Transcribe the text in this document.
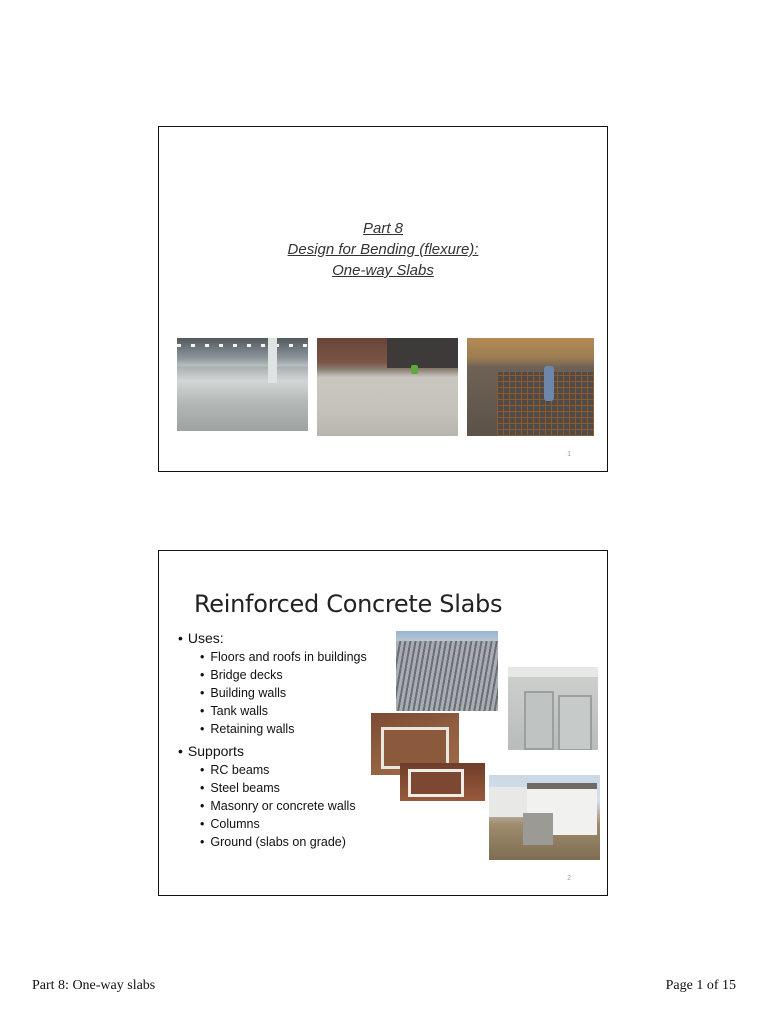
Part 8
Design for Bending (flexure):
One-way Slabs
1
Reinforced Concrete Slabs
• Uses:
• Floors and roofs in buildings
• Bridge decks
• Building walls
• Tank walls
• Retaining walls
• Supports
• RC beams
• Steel beams
• Masonry or concrete walls
• Columns
• Ground (slabs on grade)
2
Part 8: One-way slabs	Page 1 of 15
